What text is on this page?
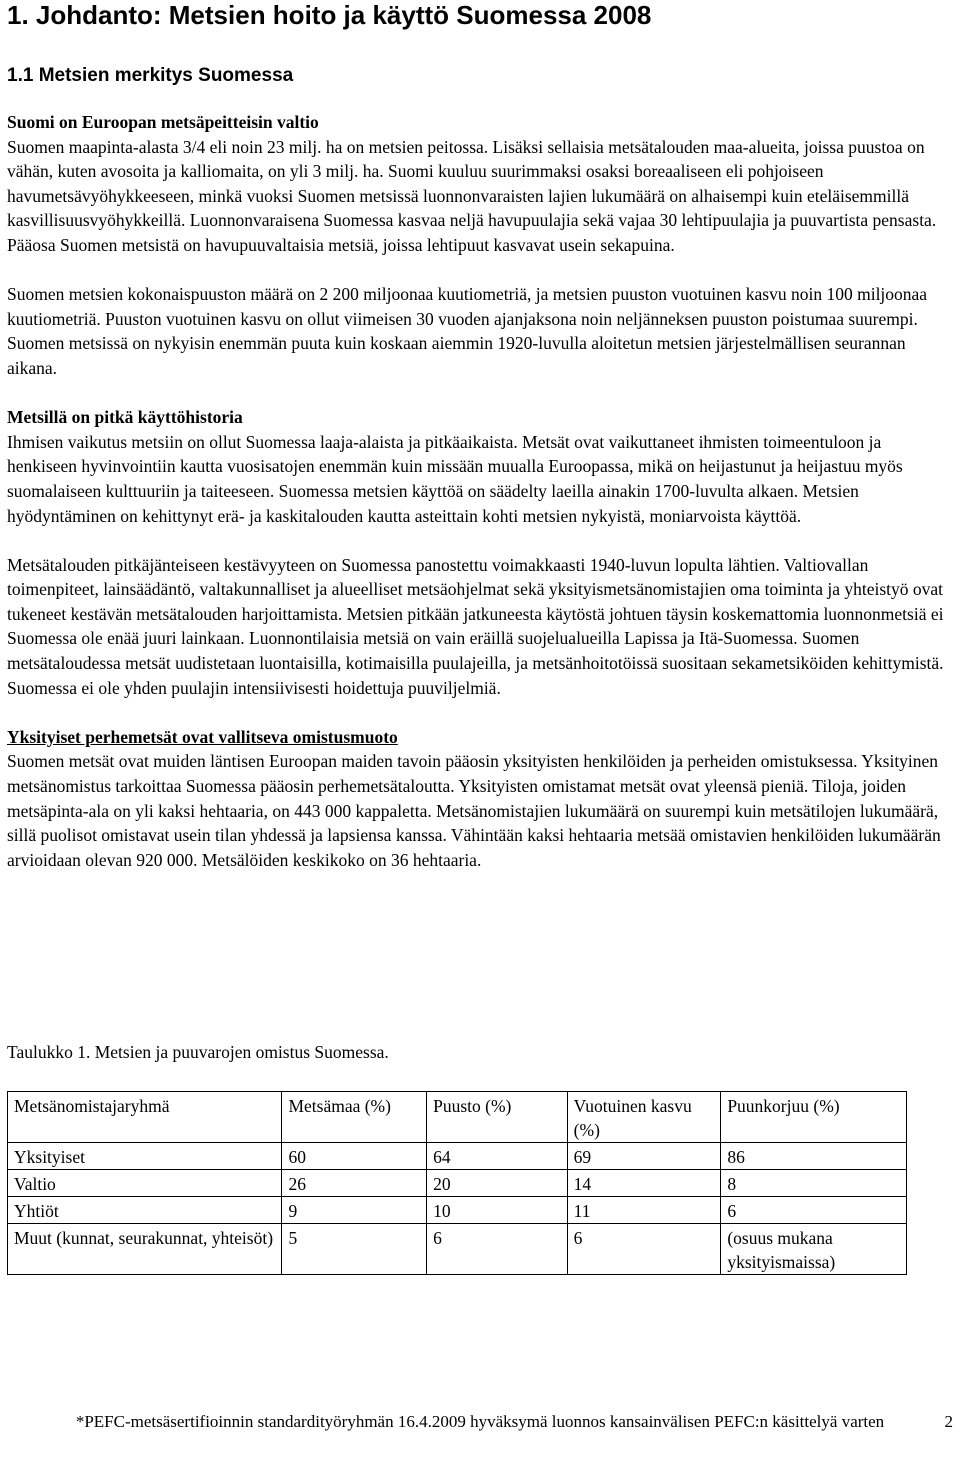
1. Johdanto: Metsien hoito ja käyttö Suomessa 2008
1.1 Metsien merkitys Suomessa
Suomi on Euroopan metsäpeitteisin valtio

Suomen maapinta-alasta 3/4 eli noin 23 milj. ha on metsien peitossa. Lisäksi sellaisia metsätalouden maa-alueita, joissa puustoa on vähän, kuten avosoita ja kalliomaita, on yli 3 milj. ha. Suomi kuuluu suurimmaksi osaksi boreaaliseen eli pohjoiseen havumetsävyöhykkeeseen, minkä vuoksi Suomen metsissä luonnonvaraisten lajien lukumäärä on alhaisempi kuin eteläisemmillä kasvillisuusvyöhykkeillä. Luonnonvaraisena Suomessa kasvaa neljä havupuulajia sekä vajaa 30 lehtipuulajia ja puuvartista pensasta. Pääosa Suomen metsistä on havupuuvaltaisia metsiä, joissa lehtipuut kasvavat usein sekapuina.

Suomen metsien kokonaispuuston määrä on 2 200 miljoonaa kuutiometriä, ja metsien puuston vuotuinen kasvu noin 100 miljoonaa kuutiometriä. Puuston vuotuinen kasvu on ollut viimeisen 30 vuoden ajanjaksona noin neljänneksen puuston poistumaa suurempi. Suomen metsissä on nykyisin enemmän puuta kuin koskaan aiemmin 1920-luvulla aloitetun metsien järjestelmällisen seurannan aikana.

Metsillä on pitkä käyttöhistoria

Ihmisen vaikutus metsiin on ollut Suomessa laaja-alaista ja pitkäaikaista. Metsät ovat vaikuttaneet ihmisten toimeentuloon ja henkiseen hyvinvointiin kautta vuosisatojen enemmän kuin missään muualla Euroopassa, mikä on heijastunut ja heijastuu myös suomalaiseen kulttuuriin ja taiteeseen. Suomessa metsien käyttöä on säädelty laeilla ainakin 1700-luvulta alkaen. Metsien hyödyntäminen on kehittynyt erä- ja kaskitalouden kautta asteittain kohti metsien nykyistä, moniarvoista käyttöä.

Metsätalouden pitkäjänteiseen kestävyyteen on Suomessa panostettu voimakkaasti 1940-luvun lopulta lähtien. Valtiovallan toimenpiteet, lainsäädäntö, valtakunnalliset ja alueelliset metsäohjelmat sekä yksityismetsänomistajien oma toiminta ja yhteistyö ovat tukeneet kestävän metsätalouden harjoittamista. Metsien pitkään jatkuneesta käytöstä johtuen täysin koskemattomia luonnonmetsiä ei Suomessa ole enää juuri lainkaan. Luonnontilaisia metsiä on vain eräillä suojelualueilla Lapissa ja Itä-Suomessa. Suomen metsätaloudessa metsät uudistetaan luontaisilla, kotimaisilla puulajeilla, ja metsänhoitotöissä suositaan sekametsiköiden kehittymistä. Suomessa ei ole yhden puulajin intensiivisesti hoidettuja puuviljelmiä.

Yksityiset perhemetsät ovat vallitseva omistusmuoto

Suomen metsät ovat muiden läntisen Euroopan maiden tavoin pääosin yksityisten henkilöiden ja perheiden omistuksessa. Yksityinen metsänomistus tarkoittaa Suomessa pääosin perhemetsätaloutta. Yksityisten omistamat metsät ovat yleensä pieniä. Tiloja, joiden metsäpinta-ala on yli kaksi hehtaaria, on 443 000 kappaletta. Metsänomistajien lukumäärä on suurempi kuin metsätilojen lukumäärä, sillä puolisot omistavat usein tilan yhdessä ja lapsiensa kanssa. Vähintään kaksi hehtaaria metsää omistavien henkilöiden lukumäärän arvioidaan olevan 920 000. Metsälöiden keskikoko on 36 hehtaaria.

Taulukko 1. Metsien ja puuvarojen omistus Suomessa.
Metsänomistajaryhmä	Metsämaa (%)	Puusto (%)	Vuotuinen kasvu (%)	Puunkorjuu (%)
Yksityiset	60	64	69	86
Valtio	26	20	14	8
Yhtiöt	9	10	11	6
Muut (kunnat, seurakunnat, yhteisöt)	5	6	6	(osuus mukana yksityismaissa)
*PEFC-metsäsertifioinnin standardityöryhmän 16.4.2009 hyväksymä luonnos kansainvälisen PEFC:n käsittelyä varten	2
